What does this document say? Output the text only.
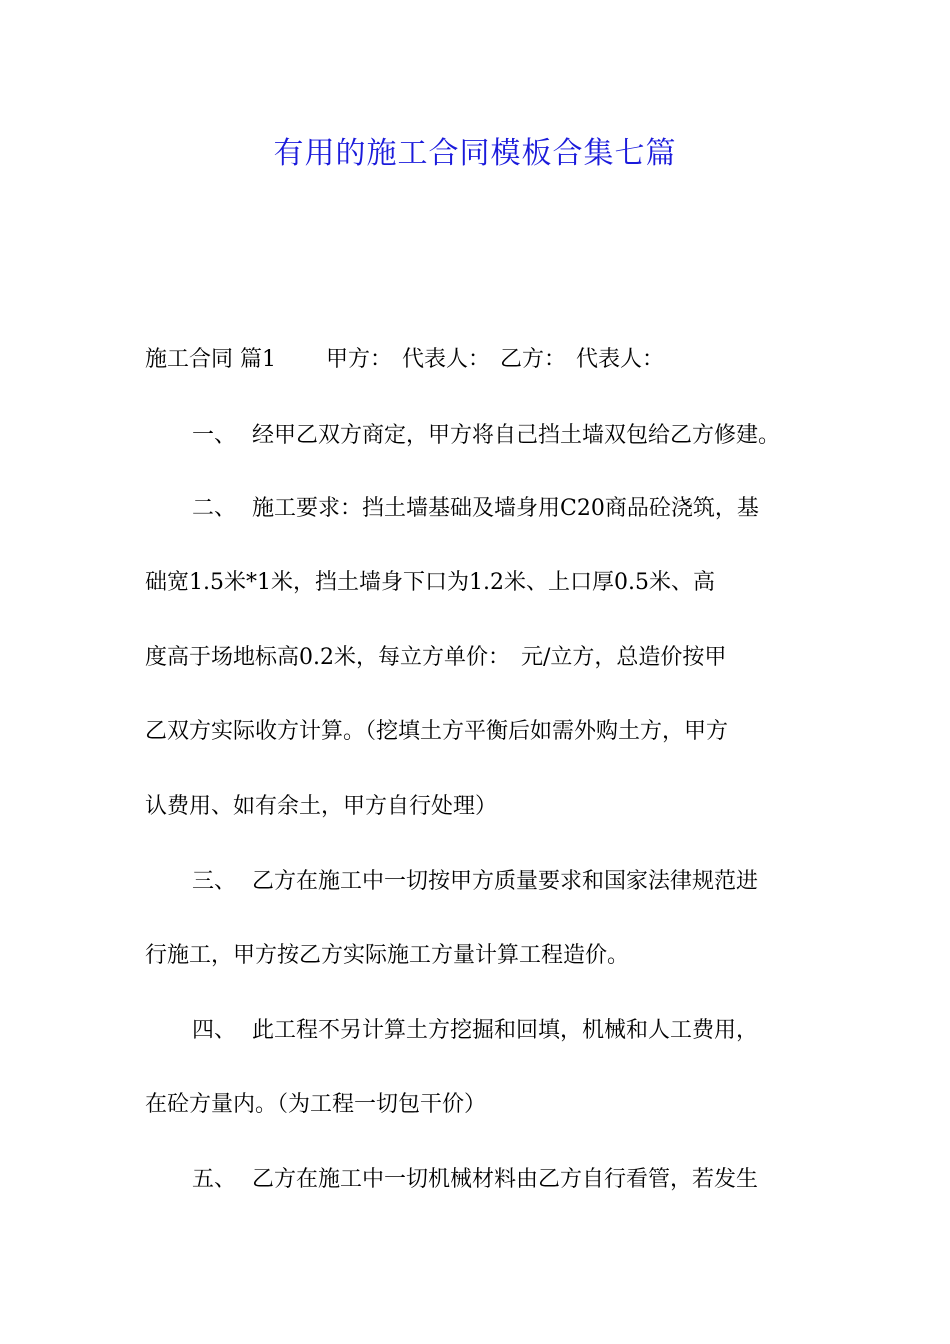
有用的施工合同模板合集七篇
施工合同 篇1 甲方： 代表人： 乙方： 代表人：
一、 经甲乙双方商定，甲方将自己挡土墙双包给乙方修建。
二、 施工要求：挡土墙基础及墙身用C20商品砼浇筑，基
础宽1.5米*1米，挡土墙身下口为1.2米、上口厚0.5米、高
度高于场地标高0.2米，每立方单价：　元/立方，总造价按甲
乙双方实际收方计算。（挖填土方平衡后如需外购土方，甲方
认费用、如有余土，甲方自行处理）
三、 乙方在施工中一切按甲方质量要求和国家法律规范进
行施工，甲方按乙方实际施工方量计算工程造价。
四、 此工程不另计算土方挖掘和回填，机械和人工费用，
在砼方量内。（为工程一切包干价）
五、 乙方在施工中一切机械材料由乙方自行看管，若发生
